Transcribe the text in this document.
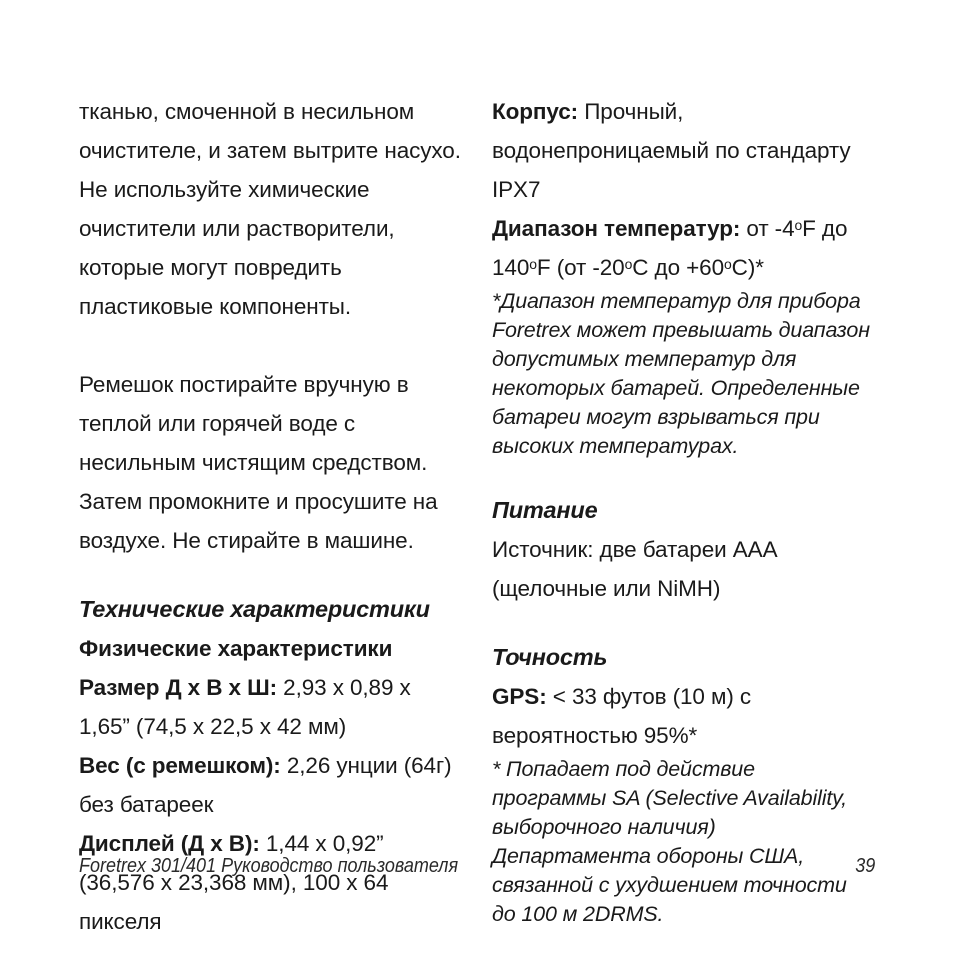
тканью, смоченной в несильном очистителе, и затем вытрите насухо. Не используйте химические очистители или растворители, которые могут повредить пластиковые компоненты.

Ремешок постирайте вручную в теплой или горячей воде с несильным чистящим средством. Затем промокните и просушите на воздухе. Не стирайте в машине.

Технические характеристики
Физические характеристики

Размер Д x В x Ш: 2,93 x 0,89 x 1,65” (74,5 x 22,5 x 42 мм)

Вес (с ремешком): 2,26 унции (64г) без батареек

Дисплей (Д x В): 1,44 x 0,92” (36,576 x 23,368 мм), 100 x 64 пикселя

Корпус: Прочный, водонепроницаемый по стандарту IPX7

Диапазон температур: от -4$^o$F до 140$^o$F (от -20$^o$C до $+60^oC)*$

*Диапазон температур для прибора Foretrex может превышать диапазон допустимых температур для некоторых батарей. Определенные батареи могут взрываться при высоких температурах.

Питание

Источник: две батареи AAA (щелочные или NiMH)

Точность

GPS: < 33 футов (10 м) с вероятностью 95%*

* Попадает под действие программы SA (Selective Availability, выборочного наличия) Департамента обороны США, связанной с ухудшением точности до 100 м 2DRMS.

Foretrex 301/401 Руководство пользователя	39
